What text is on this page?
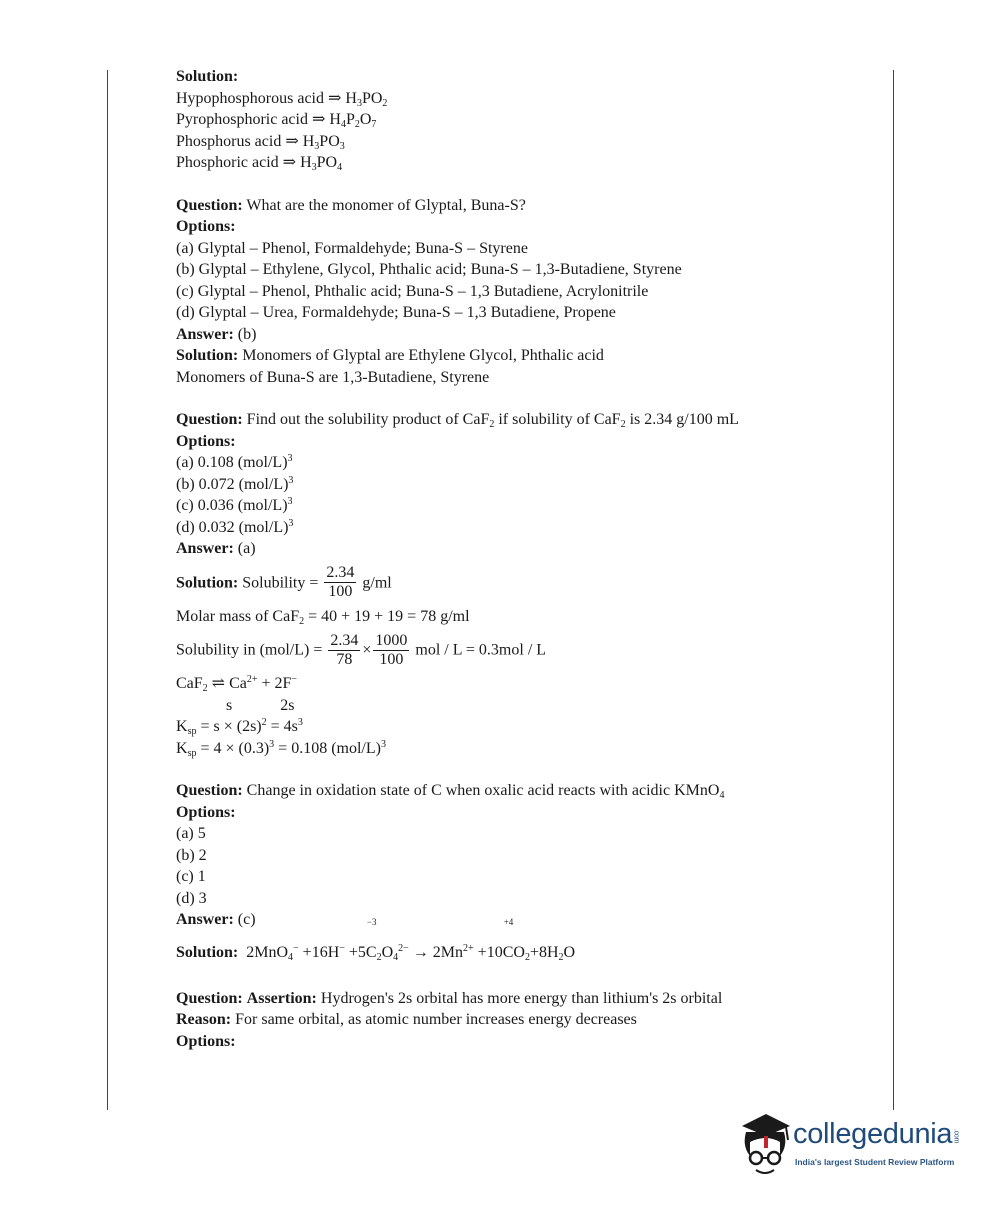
Solution:
Hypophosphorous acid ⇒ $H_3PO_2$
Pyrophosphoric acid ⇒ $H_4P_2O_7$
Phosphorus acid ⇒ $H_3PO_3$
Phosphoric acid ⇒ $H_3PO_4$
Question: What are the monomer of Glyptal, Buna-S?
Options:
(a) Glyptal – Phenol, Formaldehyde; Buna-S – Styrene
(b) Glyptal – Ethylene, Glycol, Phthalic acid; Buna-S – 1,3-Butadiene, Styrene
(c) Glyptal – Phenol, Phthalic acid; Buna-S – 1,3 Butadiene, Acrylonitrile
(d) Glyptal – Urea, Formaldehyde; Buna-S – 1,3 Butadiene, Propene
Answer: (b)
Solution: Monomers of Glyptal are Ethylene Glycol, Phthalic acid
Monomers of Buna-S are 1,3-Butadiene, Styrene
Question: Find out the solubility product of CaF$_2$ if solubility of CaF$_2$ is 2.34 g/100 mL
Options:
(a) 0.108 $(mol/L)^3$
(b) 0.072 $(mol/L)^3$
(c) 0.036 $(mol/L)^3$
(d) 0.032 $(mol/L)^3$
Answer: (a)
Solution: Solubility = $\frac{2.34}{100} g/ml$
Molar mass of CaF$_2$ = 40 + 19 + 19 = 78 g/ml
Solubility in $(mol/L) = \frac{2.34}{78} \times \frac{1000}{100}$ mol / L = 0.3mol / L
CaF$_2$ ⇌ $Ca^{2+} + 2F^-$
s	2s
$K_{sp} = s \times (2s)^2 = 4s^3$
$K_{sp} = 4 \times (0.3)^3 = 0.108$ $(mol/L)^3$
Question: Change in oxidation state of C when oxalic acid reacts with acidic KMnO$_4$
Options:
(a) 5
(b) 2
(c) 1
(d) 3
Answer: (c)
Solution: 2MnO$_4$− +16H− +5
−3
$C_2O_4^{2-} \to 2Mn^{2+} +10$
+4
$CO_2+8H_2O$
Question: Assertion: Hydrogen's 2s orbital has more energy than lithium's 2s orbital
Reason: For same orbital, as atomic number increases energy decreases
Options:
collegedunia.com
India's largest Student Review Platform
